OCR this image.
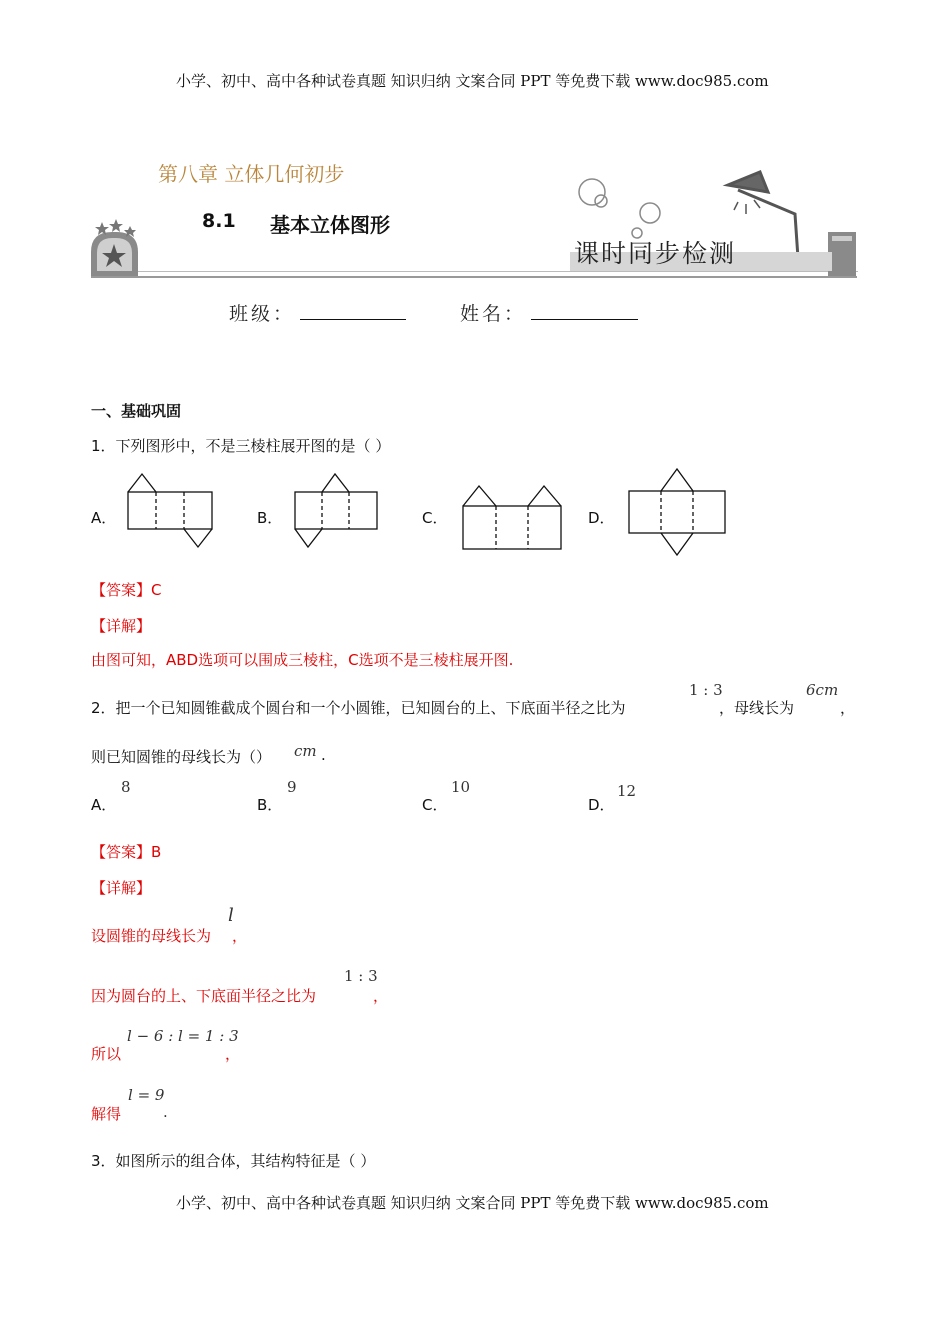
小学、初中、高中各种试卷真题 知识归纳 文案合同 PPT 等免费下载 www.doc985.com
第八章 立体几何初步
8.1 基本立体图形
课时同步检测
班级：	姓名：
一、基础巩固
1．下列图形中，不是三棱柱展开图的是（ ）
A．	B．	C．	D．
【答案】C
【详解】
由图可知，ABD选项可以围成三棱柱，C选项不是三棱柱展开图.
2．把一个已知圆锥截成个圆台和一个小圆锥，已知圆台的上、下底面半径之比为
1 : 3
，母线长为
6cm
，
则已知圆锥的母线长为（） cm .
A．
8
B．
9
C．
10
D．
12
【答案】B
【详解】
设圆锥的母线长为
l
，
因为圆台的上、下底面半径之比为
1 : 3
，
所以
l − 6 : l = 1 : 3
，
解得
l = 9
.
3．如图所示的组合体，其结构特征是（ ）
小学、初中、高中各种试卷真题 知识归纳 文案合同 PPT 等免费下载 www.doc985.com
